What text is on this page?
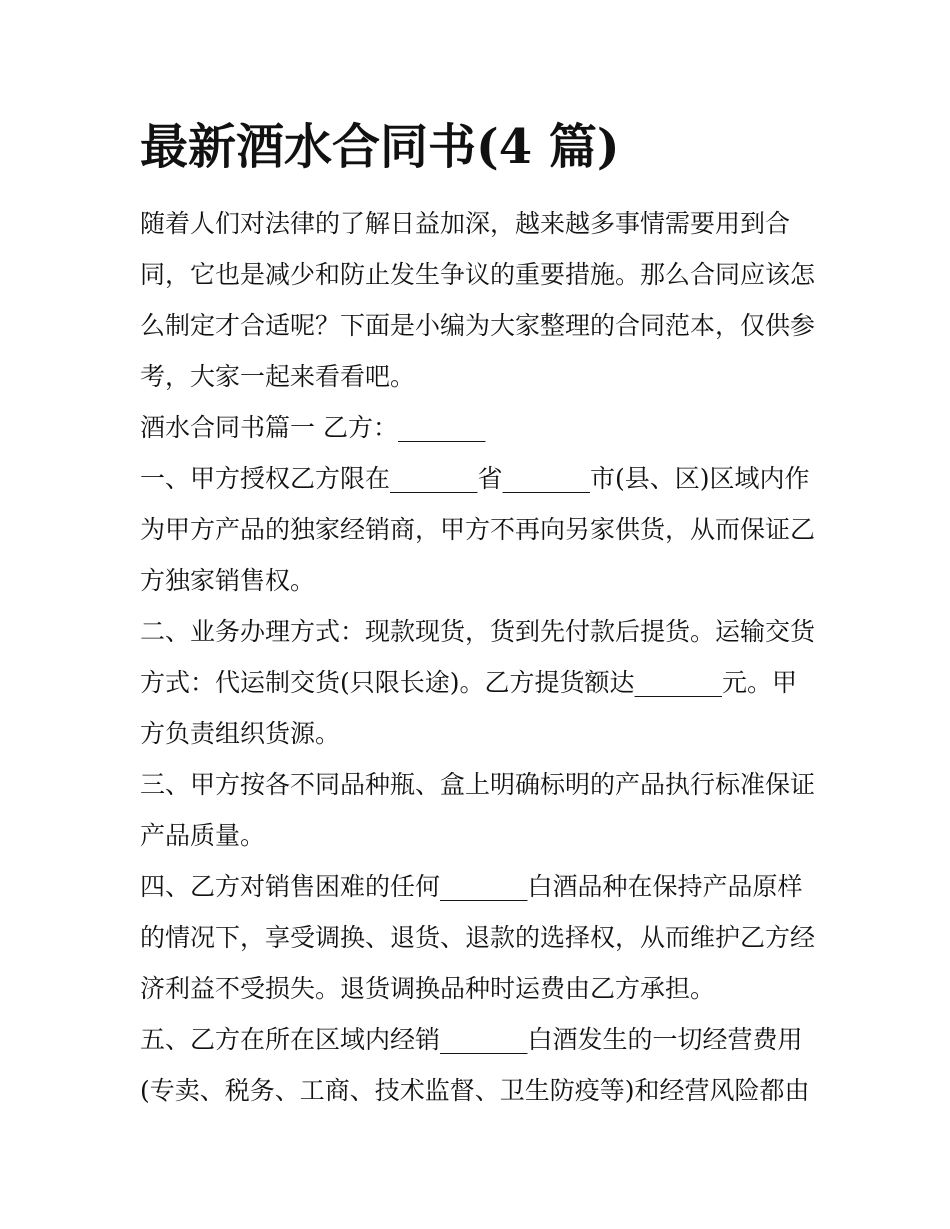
最新酒水合同书(4 篇)
随着人们对法律的了解日益加深，越来越多事情需要用到合
同，它也是减少和防止发生争议的重要措施。那么合同应该怎
么制定才合适呢？下面是小编为大家整理的合同范本，仅供参
考，大家一起来看看吧。
酒水合同书篇一 乙方：_______
一、甲方授权乙方限在_______省_______市(县、区)区域内作
为甲方产品的独家经销商，甲方不再向另家供货，从而保证乙
方独家销售权。
二、业务办理方式：现款现货，货到先付款后提货。运输交货
方式：代运制交货(只限长途)。乙方提货额达_______元。甲
方负责组织货源。
三、甲方按各不同品种瓶、盒上明确标明的产品执行标准保证
产品质量。
四、乙方对销售困难的任何_______白酒品种在保持产品原样
的情况下，享受调换、退货、退款的选择权，从而维护乙方经
济利益不受损失。退货调换品种时运费由乙方承担。
五、乙方在所在区域内经销_______白酒发生的一切经营费用
(专卖、税务、工商、技术监督、卫生防疫等)和经营风险都由
